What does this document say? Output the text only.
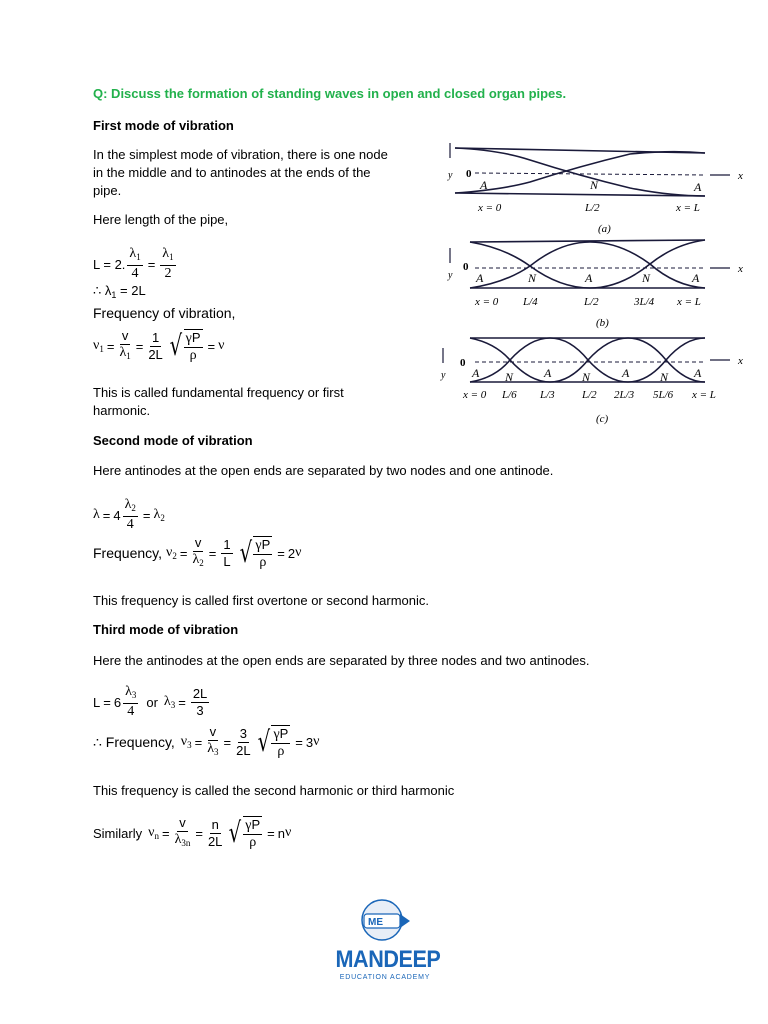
Q: Discuss the formation of standing waves in open and closed organ pipes.
First mode of vibration
In the simplest mode of vibration, there is one node in the middle and to antinodes at the ends of the pipe.
Here length of the pipe,
L = 2. $\frac{\lambda_1}{4} = \frac{\lambda_1}{2}$
∴ $\lambda_1 = 2L$
Frequency of vibration,
$\nu_1 = \frac{v}{\lambda_1} = \frac{1}{2L}$ √ $\frac{\gamma P}{\rho} = \nu$
This is called fundamental frequency or first harmonic.
0	x
y
A	N	A
x = 0	L/2	x = L
(a)
0	x
y A	N	A	N	A
x = 0 L/4	L/2	3L/4 x = L
(b)
0	x
y A N	A	N	A	N A
x = 0 L/6 L/3 L/2 2L/3 5L/6 x = L
(c)
Second mode of vibration
Here antinodes at the open ends are separated by two nodes and one antinode.
$\lambda = 4 \frac{\lambda_2}{4} = \lambda_2$
Frequency, $\nu_2 = \frac{v}{\lambda_2} = \frac{1}{L}$ √ $\frac{\gamma P}{\rho} = 2$ ν
This frequency is called first overtone or second harmonic.
Third mode of vibration
Here the antinodes at the open ends are separated by three nodes and two antinodes.
$L = 6 \frac{\lambda_3}{4}$ or $\lambda_3 = \frac{2L}{3}$
∴ Frequency, $\nu_3 = \frac{v}{\lambda_3} = \frac{3}{2L}$ √ $\frac{\gamma P}{\rho} = 3$ ν
This frequency is called the second harmonic or third harmonic
Similarly $\nu_n = \frac{v}{\lambda_{3n}} = \frac{n}{2L}$ √ $\frac{\gamma P}{\rho} = n$ ν
ME
MANDEEP
EDUCATION ACADEMY
